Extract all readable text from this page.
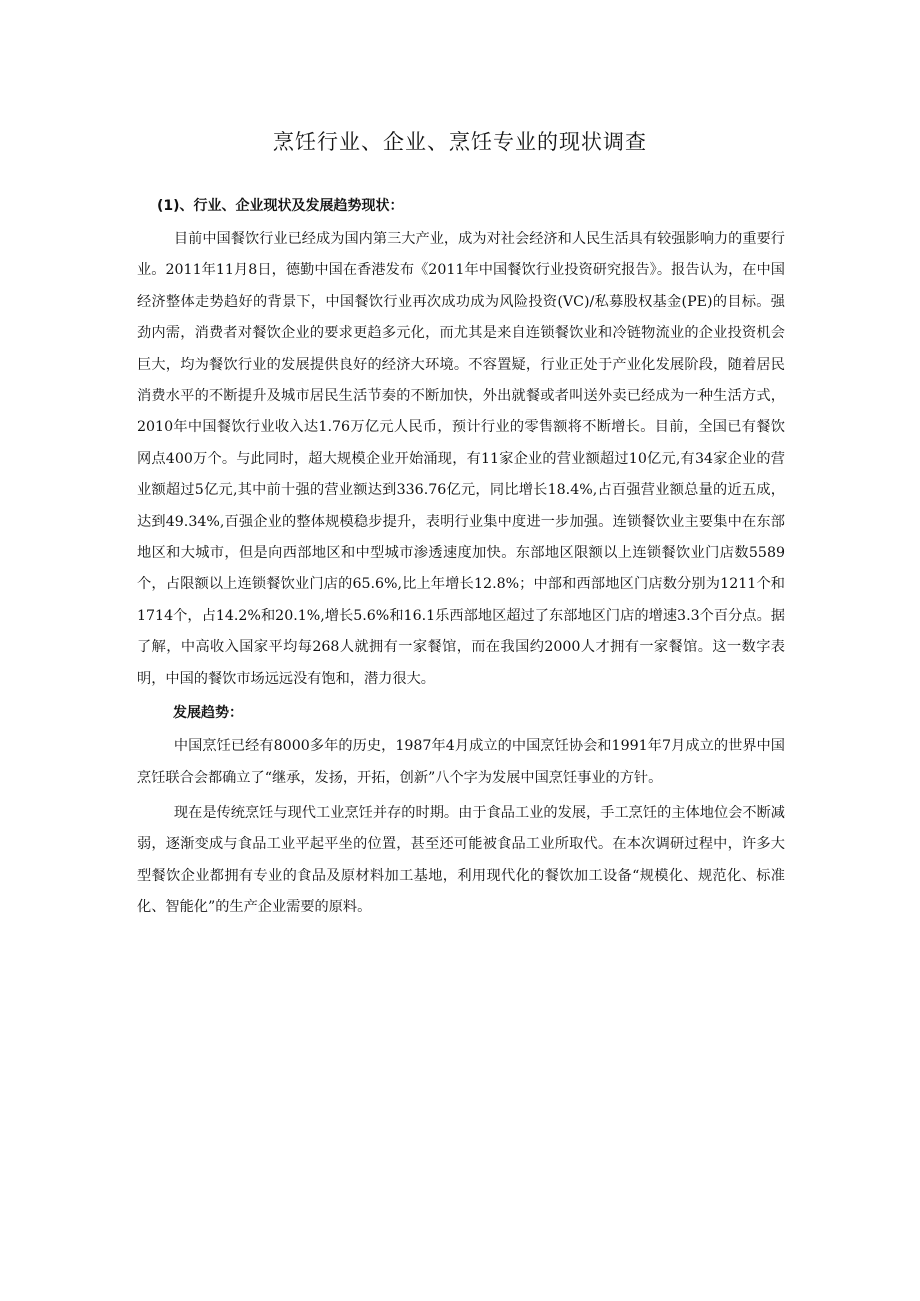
烹饪行业、企业、烹饪专业的现状调查

(1)、行业、企业现状及发展趋势现状：

目前中国餐饮行业已经成为国内第三大产业，成为对社会经济和人民生活具有较强影响力的重要行业。2011年11月8日，德勤中国在香港发布《2011年中国餐饮行业投资研究报告》。报告认为，在中国经济整体走势趋好的背景下，中国餐饮行业再次成功成为风险投资(VC)/私募股权基金(PE)的目标。强劲内需，消费者对餐饮企业的要求更趋多元化，而尤其是来自连锁餐饮业和冷链物流业的企业投资机会巨大，均为餐饮行业的发展提供良好的经济大环境。不容置疑，行业正处于产业化发展阶段，随着居民消费水平的不断提升及城市居民生活节奏的不断加快，外出就餐或者叫送外卖已经成为一种生活方式，2010年中国餐饮行业收入达1.76万亿元人民币，预计行业的零售额将不断增长。目前，全国已有餐饮网点400万个。与此同时，超大规模企业开始涌现，有11家企业的营业额超过10亿元,有34家企业的营业额超过5亿元,其中前十强的营业额达到336.76亿元，同比增长18.4%,占百强营业额总量的近五成，达到49.34%,百强企业的整体规模稳步提升，表明行业集中度进一步加强。连锁餐饮业主要集中在东部地区和大城市，但是向西部地区和中型城市渗透速度加快。东部地区限额以上连锁餐饮业门店数5589个，占限额以上连锁餐饮业门店的65.6%,比上年增长12.8%；中部和西部地区门店数分别为1211个和1714个，占14.2%和20.1%,增长5.6%和16.1乐西部地区超过了东部地区门店的增速3.3个百分点。据了解，中高收入国家平均每268人就拥有一家餐馆，而在我国约2000人才拥有一家餐馆。这一数字表明，中国的餐饮市场远远没有饱和，潜力很大。

发展趋势：

中国烹饪已经有8000多年的历史，1987年4月成立的中国烹饪协会和1991年7月成立的世界中国烹饪联合会都确立了“继承，发扬，开拓，创新”八个字为发展中国烹饪事业的方针。

现在是传统烹饪与现代工业烹饪并存的时期。由于食品工业的发展，手工烹饪的主体地位会不断减弱，逐渐变成与食品工业平起平坐的位置，甚至还可能被食品工业所取代。在本次调研过程中，许多大型餐饮企业都拥有专业的食品及原材料加工基地，利用现代化的餐饮加工设备“规模化、规范化、标准化、智能化”的生产企业需要的原料。
